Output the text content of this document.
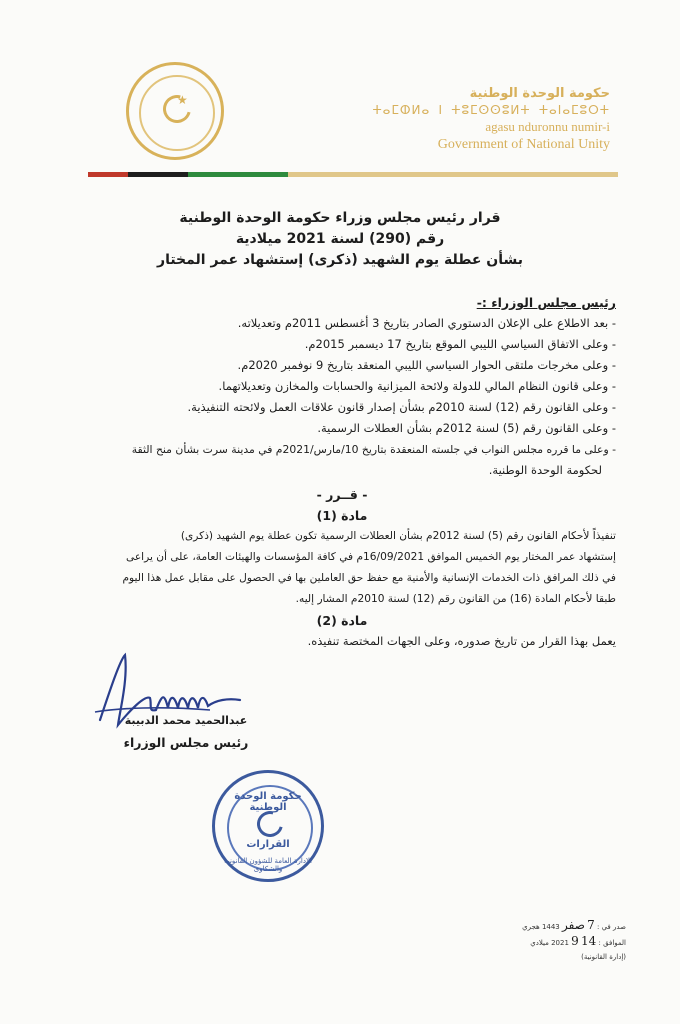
★	حكومة الوحدة الوطنية
ⵜⴰⵎⵀⵍⴰ ⵏ ⵜⵓⵎⵙⵙⵓⵍⵜ ⵜⴰⵏⴰⵎⵓⵔⵜ
agasu nduronnu numir-i
Government of National Unity
قرار رئيس مجلس وزراء حكومة الوحدة الوطنية
رقم (290) لسنة 2021 ميلادية
بشأن عطلة يوم الشهيد (ذكرى) إستشهاد عمر المختار
رئيس مجلس الوزراء :-
- بعد الاطلاع على الإعلان الدستوري الصادر بتاريخ 3 أغسطس 2011م وتعديلاته.
- وعلى الاتفاق السياسي الليبي الموقع بتاريخ 17 ديسمبر 2015م.
- وعلى مخرجات ملتقى الحوار السياسي الليبي المنعقد بتاريخ 9 نوفمبر 2020م.
- وعلى قانون النظام المالي للدولة ولائحة الميزانية والحسابات والمخازن وتعديلاتهما.
- وعلى القانون رقم (12) لسنة 2010م بشأن إصدار قانون علاقات العمل ولائحته التنفيذية.
- وعلى القانون رقم (5) لسنة 2012م بشأن العطلات الرسمية.
- وعلى ما قرره مجلس النواب في جلسته المنعقدة بتاريخ 10/مارس/2021م في مدينة سرت بشأن منح الثقة
لحكومة الوحدة الوطنية.
- قــرر -
مادة (1)
تنفيذاً لأحكام القانون رقم (5) لسنة 2012م بشأن العطلات الرسمية تكون عطلة يوم الشهيد (ذكرى)
إستشهاد عمر المختار يوم الخميس الموافق 16/09/2021م في كافة المؤسسات والهيئات العامة، على أن يراعى
في ذلك المرافق ذات الخدمات الإنسانية والأمنية مع حفظ حق العاملين بها في الحصول على مقابل عمل هذا اليوم
طبقا لأحكام المادة (16) من القانون رقم (12) لسنة 2010م المشار إليه.
مادة (2)
يعمل بهذا القرار من تاريخ صدوره، وعلى الجهات المختصة تنفيذه.
عبدالحميد محمد الدبيبة
رئيس مجلس الوزراء
حكومة الوحدة الوطنية
القرارات
الإدارة العامة للشؤون القانونية والشكاوى
صدر في : 7 صفر 1443 هجري
الموافق : 14 9 2021 ميلادي
(إدارة القانونية)
